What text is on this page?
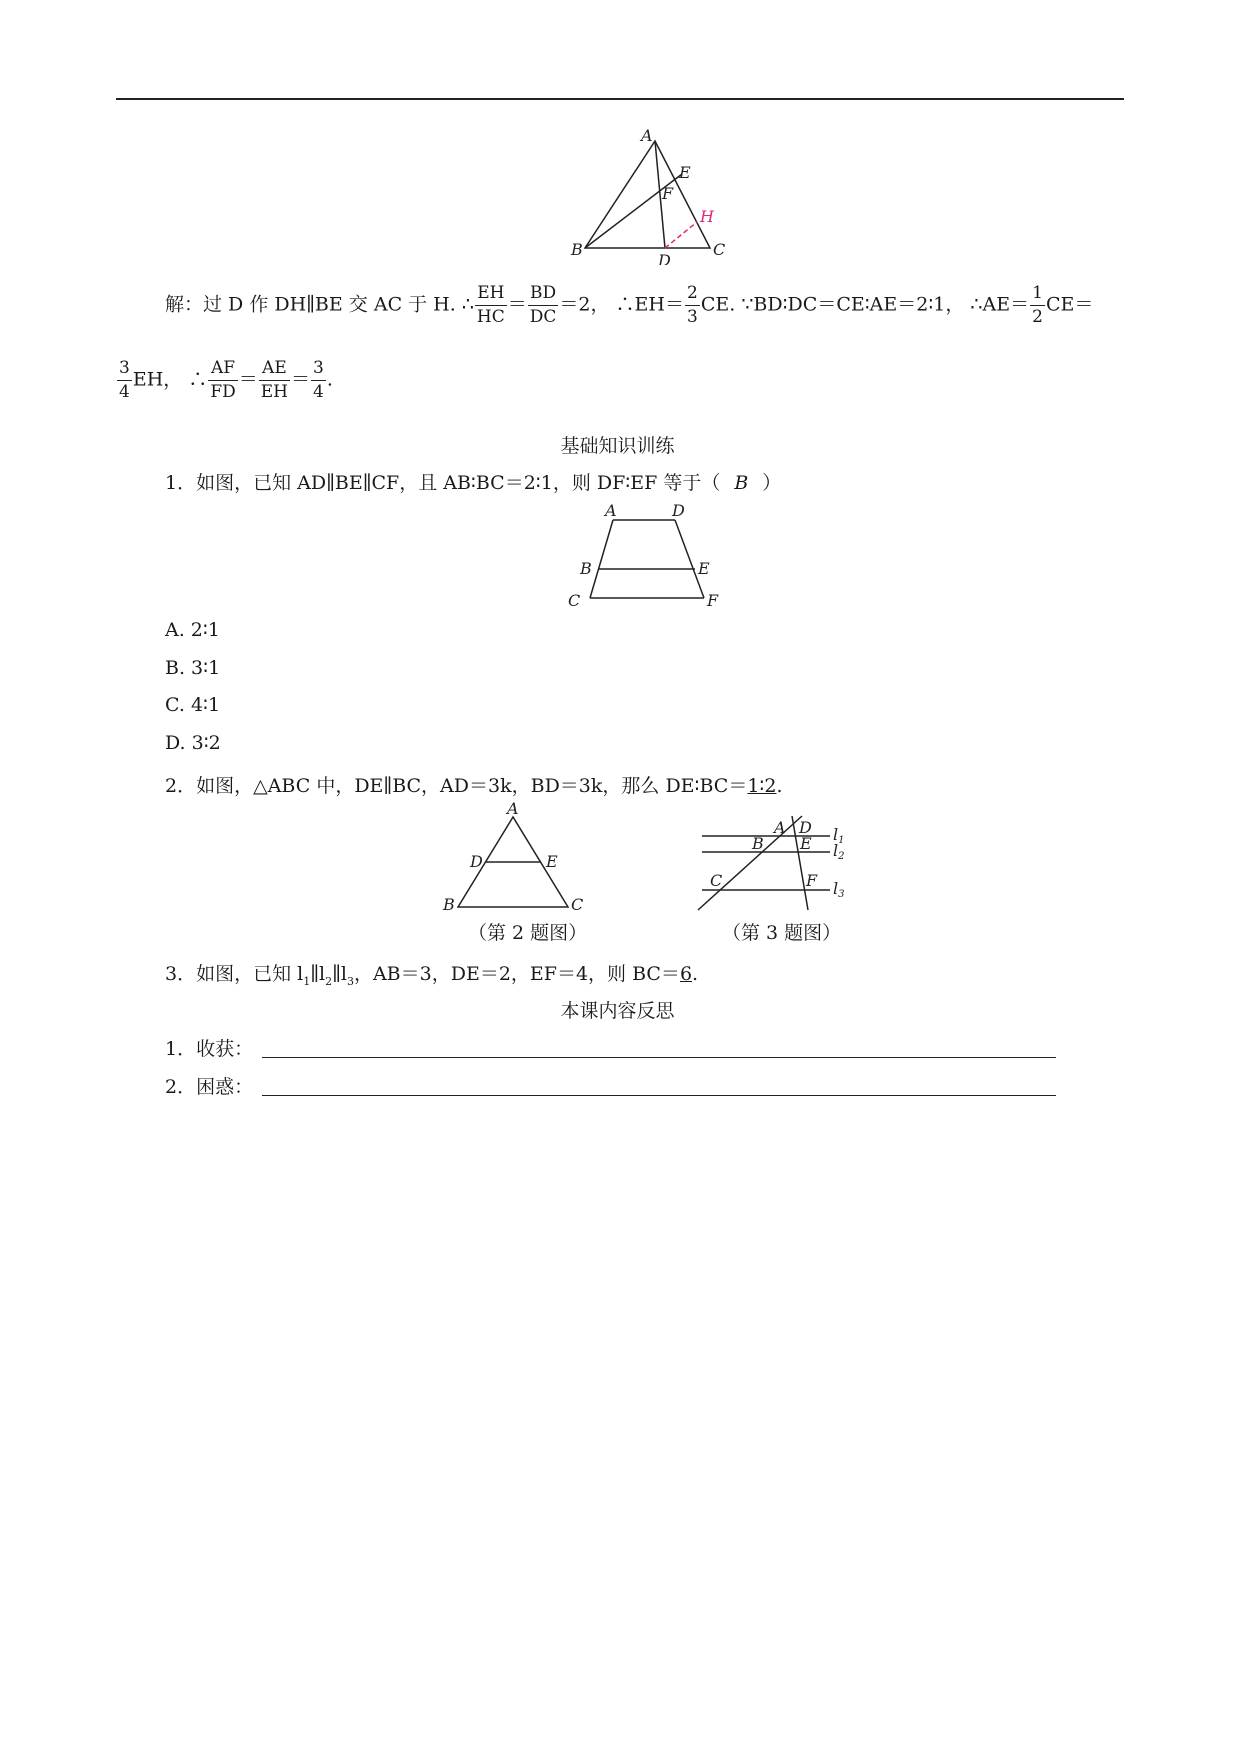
A
E
F
H
B
D
C
解：过 D 作 DH∥BE 交 AC 于 H. ∴ $\frac{EH}{HC} = \frac{BD}{DC} =2$， ∴EH＝ $\frac{2}{3}$ CE. ∵BD∶DC＝CE∶AE＝2∶1， ∴AE＝ $\frac{1}{2} CE=$
$\frac{3}{4}$ EH， ∴ $\frac{AF}{FD} = \frac{AE}{EH} = \frac{3}{4}$ .
基础知识训练
1．如图，已知 AD∥BE∥CF，且 AB∶BC＝2∶1，则 DF∶EF 等于（ B ）
A	D
B	E
C	F
A. 2∶1
B. 3∶1
C. 4∶1
D. 3∶2
2．如图，△ABC 中，DE∥BC，AD＝3k，BD＝3k，那么 DE∶BC＝1∶2.
A
D	E
B	C
（第 2 题图）
A D
B E
C	F
l1
l2
l3
（第 3 题图）
3．如图，已知 $l_1\parallel l_2\parallel l_3$，AB＝3，DE＝2，EF＝4，则 BC＝6.
本课内容反思
1．收获：
2．困惑：
